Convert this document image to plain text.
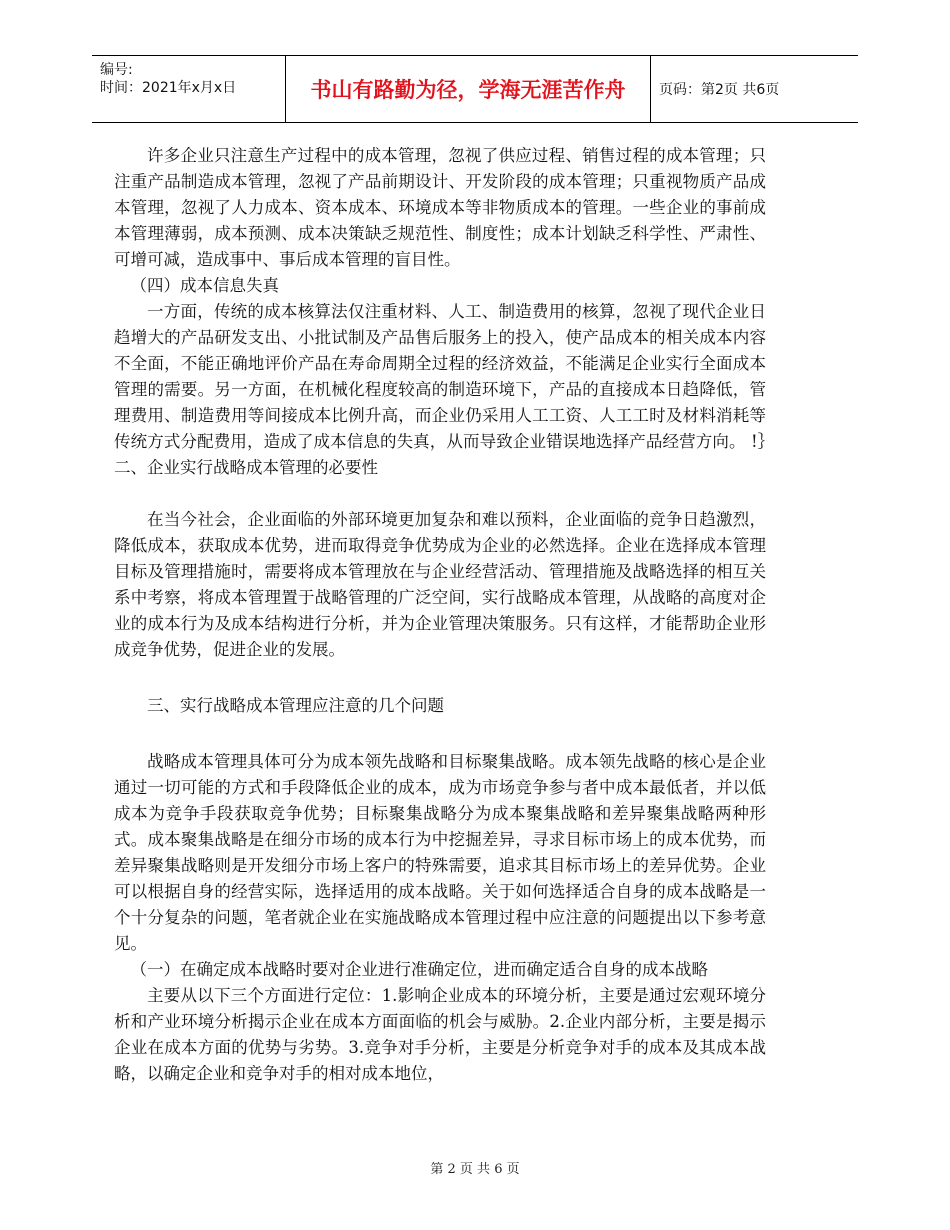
编号:
时间：2021年x月x日	书山有路勤为径，学海无涯苦作舟	页码：第2页 共6页

许多企业只注意生产过程中的成本管理，忽视了供应过程、销售过程的成本管理；只注重产品制造成本管理，忽视了产品前期设计、开发阶段的成本管理；只重视物质产品成本管理，忽视了人力成本、资本成本、环境成本等非物质成本的管理。一些企业的事前成本管理薄弱，成本预测、成本决策缺乏规范性、制度性；成本计划缺乏科学性、严肃性、可增可减，造成事中、事后成本管理的盲目性。

（四）成本信息失真

一方面，传统的成本核算法仅注重材料、人工、制造费用的核算，忽视了现代企业日趋增大的产品研发支出、小批试制及产品售后服务上的投入，使产品成本的相关成本内容不全面，不能正确地评价产品在寿命周期全过程的经济效益，不能满足企业实行全面成本管理的需要。另一方面，在机械化程度较高的制造环境下，产品的直接成本日趋降低，管理费用、制造费用等间接成本比例升高，而企业仍采用人工工资、人工工时及材料消耗等传统方式分配费用，造成了成本信息的失真，从而导致企业错误地选择产品经营方向。 !｝二、企业实行战略成本管理的必要性

在当今社会，企业面临的外部环境更加复杂和难以预料，企业面临的竞争日趋激烈，降低成本，获取成本优势，进而取得竞争优势成为企业的必然选择。企业在选择成本管理目标及管理措施时，需要将成本管理放在与企业经营活动、管理措施及战略选择的相互关系中考察，将成本管理置于战略管理的广泛空间，实行战略成本管理，从战略的高度对企业的成本行为及成本结构进行分析，并为企业管理决策服务。只有这样，才能帮助企业形成竞争优势，促进企业的发展。

三、实行战略成本管理应注意的几个问题

战略成本管理具体可分为成本领先战略和目标聚集战略。成本领先战略的核心是企业通过一切可能的方式和手段降低企业的成本，成为市场竞争参与者中成本最低者，并以低成本为竞争手段获取竞争优势；目标聚集战略分为成本聚集战略和差异聚集战略两种形式。成本聚集战略是在细分市场的成本行为中挖掘差异，寻求目标市场上的成本优势，而差异聚集战略则是开发细分市场上客户的特殊需要，追求其目标市场上的差异优势。企业可以根据自身的经营实际，选择适用的成本战略。关于如何选择适合自身的成本战略是一个十分复杂的问题，笔者就企业在实施战略成本管理过程中应注意的问题提出以下参考意见。

（一）在确定成本战略时要对企业进行准确定位，进而确定适合自身的成本战略

主要从以下三个方面进行定位：1.影响企业成本的环境分析，主要是通过宏观环境分析和产业环境分析揭示企业在成本方面面临的机会与威胁。2.企业内部分析，主要是揭示企业在成本方面的优势与劣势。3.竞争对手分析，主要是分析竞争对手的成本及其成本战略，以确定企业和竞争对手的相对成本地位，

第 2 页 共 6 页
